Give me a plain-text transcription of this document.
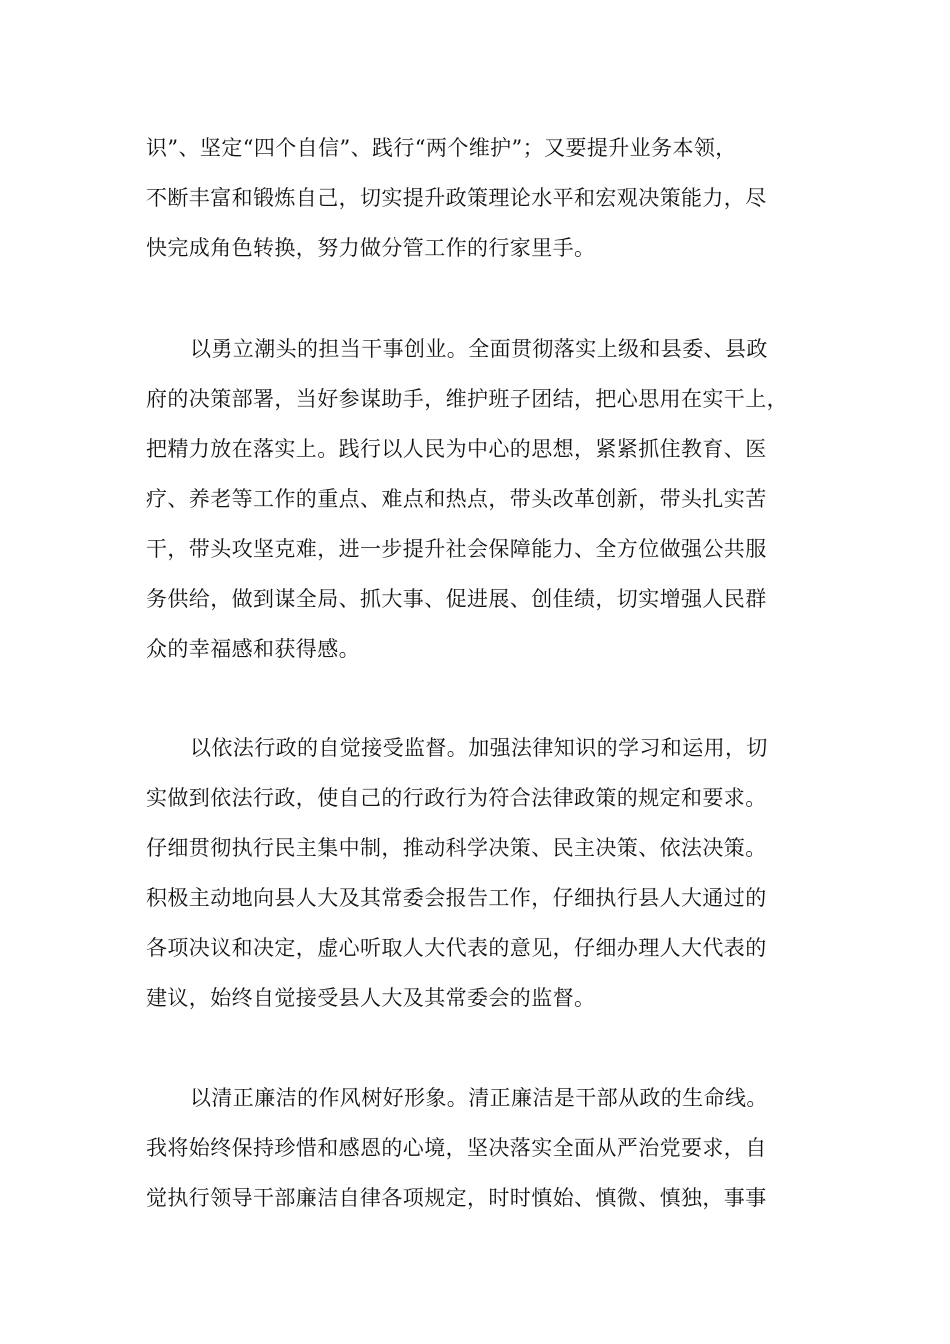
识”、坚定“四个自信”、践行“两个维护”；又要提升业务本领，
不断丰富和锻炼自己，切实提升政策理论水平和宏观决策能力，尽
快完成角色转换，努力做分管工作的行家里手。
以勇立潮头的担当干事创业。全面贯彻落实上级和县委、县政
府的决策部署，当好参谋助手，维护班子团结，把心思用在实干上，
把精力放在落实上。践行以人民为中心的思想，紧紧抓住教育、医
疗、养老等工作的重点、难点和热点，带头改革创新，带头扎实苦
干，带头攻坚克难，进一步提升社会保障能力、全方位做强公共服
务供给，做到谋全局、抓大事、促进展、创佳绩，切实增强人民群
众的幸福感和获得感。
以依法行政的自觉接受监督。加强法律知识的学习和运用，切
实做到依法行政，使自己的行政行为符合法律政策的规定和要求。
仔细贯彻执行民主集中制，推动科学决策、民主决策、依法决策。
积极主动地向县人大及其常委会报告工作，仔细执行县人大通过的
各项决议和决定，虚心听取人大代表的意见，仔细办理人大代表的
建议，始终自觉接受县人大及其常委会的监督。
以清正廉洁的作风树好形象。清正廉洁是干部从政的生命线。
我将始终保持珍惜和感恩的心境，坚决落实全面从严治党要求，自
觉执行领导干部廉洁自律各项规定，时时慎始、慎微、慎独，事事
